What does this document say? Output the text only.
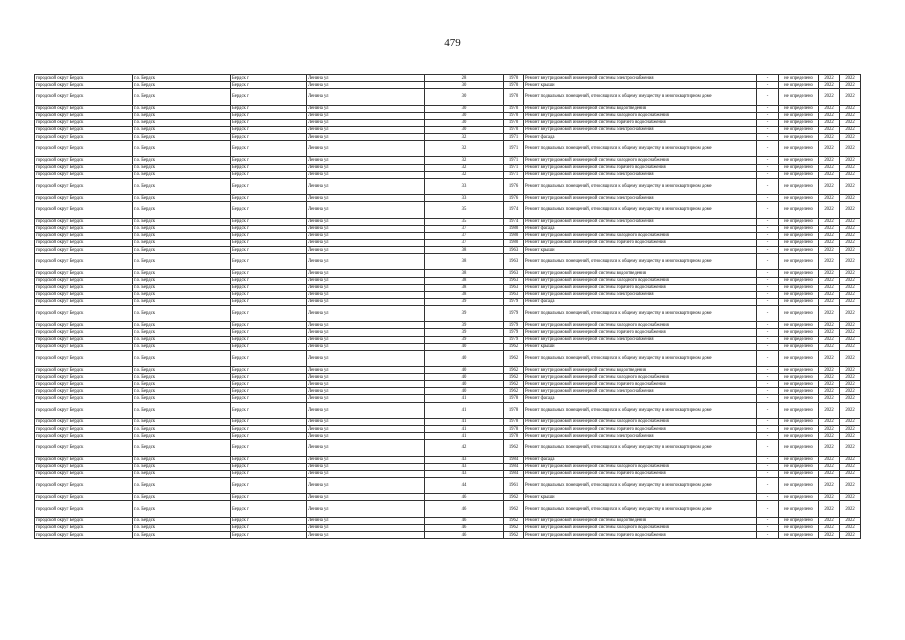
479
городской округ Бердск	г.о. Бердск	Бердск г	Ленина ул	28	1970	Ремонт внутридомовой инженерной системы электроснабжения	-	не определено	2022	2022
городской округ Бердск	г.о. Бердск	Бердск г	Ленина ул	30	1970	Ремонт крыши	-	не определено	2022	2022
городской округ Бердск	г.о. Бердск	Бердск г	Ленина ул	30	1970	Ремонт подвальных помещений, относящихся к общему имуществу в многоквартирном доме	-	не определено	2022	2022
городской округ Бердск	г.о. Бердск	Бердск г	Ленина ул	30	1970	Ремонт внутридомовой инженерной системы водоотведения	-	не определено	2022	2022
городской округ Бердск	г.о. Бердск	Бердск г	Ленина ул	30	1970	Ремонт внутридомовой инженерной системы холодного водоснабжения	-	не определено	2022	2022
городской округ Бердск	г.о. Бердск	Бердск г	Ленина ул	30	1970	Ремонт внутридомовой инженерной системы горячего водоснабжения	-	не определено	2022	2022
городской округ Бердск	г.о. Бердск	Бердск г	Ленина ул	30	1970	Ремонт внутридомовой инженерной системы электроснабжения	-	не определено	2022	2022
городской округ Бердск	г.о. Бердск	Бердск г	Ленина ул	32	1971	Ремонт фасада	-	не определено	2022	2022
городской округ Бердск	г.о. Бердск	Бердск г	Ленина ул	32	1971	Ремонт подвальных помещений, относящихся к общему имуществу в многоквартирном доме	-	не определено	2022	2022
городской округ Бердск	г.о. Бердск	Бердск г	Ленина ул	32	1971	Ремонт внутридомовой инженерной системы холодного водоснабжения	-	не определено	2022	2022
городской округ Бердск	г.о. Бердск	Бердск г	Ленина ул	32	1971	Ремонт внутридомовой инженерной системы горячего водоснабжения	-	не определено	2022	2022
городской округ Бердск	г.о. Бердск	Бердск г	Ленина ул	32	1971	Ремонт внутридомовой инженерной системы электроснабжения	-	не определено	2022	2022
городской округ Бердск	г.о. Бердск	Бердск г	Ленина ул	33	1976	Ремонт подвальных помещений, относящихся к общему имуществу в многоквартирном доме	-	не определено	2022	2022
городской округ Бердск	г.о. Бердск	Бердск г	Ленина ул	33	1976	Ремонт внутридомовой инженерной системы электроснабжения	-	не определено	2022	2022
городской округ Бердск	г.о. Бердск	Бердск г	Ленина ул	35	1974	Ремонт подвальных помещений, относящихся к общему имуществу в многоквартирном доме	-	не определено	2022	2022
городской округ Бердск	г.о. Бердск	Бердск г	Ленина ул	35	1974	Ремонт внутридомовой инженерной системы электроснабжения	-	не определено	2022	2022
городской округ Бердск	г.о. Бердск	Бердск г	Ленина ул	37	1980	Ремонт фасада	-	не определено	2022	2022
городской округ Бердск	г.о. Бердск	Бердск г	Ленина ул	37	1980	Ремонт внутридомовой инженерной системы холодного водоснабжения	-	не определено	2022	2022
городской округ Бердск	г.о. Бердск	Бердск г	Ленина ул	37	1980	Ремонт внутридомовой инженерной системы горячего водоснабжения	-	не определено	2022	2022
городской округ Бердск	г.о. Бердск	Бердск г	Ленина ул	38	1963	Ремонт крыши	-	не определено	2022	2022
городской округ Бердск	г.о. Бердск	Бердск г	Ленина ул	38	1963	Ремонт подвальных помещений, относящихся к общему имуществу в многоквартирном доме	-	не определено	2022	2022
городской округ Бердск	г.о. Бердск	Бердск г	Ленина ул	38	1963	Ремонт внутридомовой инженерной системы водоотведения	-	не определено	2022	2022
городской округ Бердск	г.о. Бердск	Бердск г	Ленина ул	38	1963	Ремонт внутридомовой инженерной системы холодного водоснабжения	-	не определено	2022	2022
городской округ Бердск	г.о. Бердск	Бердск г	Ленина ул	38	1963	Ремонт внутридомовой инженерной системы горячего водоснабжения	-	не определено	2022	2022
городской округ Бердск	г.о. Бердск	Бердск г	Ленина ул	38	1963	Ремонт внутридомовой инженерной системы электроснабжения	-	не определено	2022	2022
городской округ Бердск	г.о. Бердск	Бердск г	Ленина ул	39	1979	Ремонт фасада	-	не определено	2022	2022
городской округ Бердск	г.о. Бердск	Бердск г	Ленина ул	39	1979	Ремонт подвальных помещений, относящихся к общему имуществу в многоквартирном доме	-	не определено	2022	2022
городской округ Бердск	г.о. Бердск	Бердск г	Ленина ул	39	1979	Ремонт внутридомовой инженерной системы холодного водоснабжения	-	не определено	2022	2022
городской округ Бердск	г.о. Бердск	Бердск г	Ленина ул	39	1979	Ремонт внутридомовой инженерной системы горячего водоснабжения	-	не определено	2022	2022
городской округ Бердск	г.о. Бердск	Бердск г	Ленина ул	39	1979	Ремонт внутридомовой инженерной системы электроснабжения	-	не определено	2022	2022
городской округ Бердск	г.о. Бердск	Бердск г	Ленина ул	40	1962	Ремонт крыши	-	не определено	2022	2022
городской округ Бердск	г.о. Бердск	Бердск г	Ленина ул	40	1962	Ремонт подвальных помещений, относящихся к общему имуществу в многоквартирном доме	-	не определено	2022	2022
городской округ Бердск	г.о. Бердск	Бердск г	Ленина ул	40	1962	Ремонт внутридомовой инженерной системы водоотведения	-	не определено	2022	2022
городской округ Бердск	г.о. Бердск	Бердск г	Ленина ул	40	1962	Ремонт внутридомовой инженерной системы холодного водоснабжения	-	не определено	2022	2022
городской округ Бердск	г.о. Бердск	Бердск г	Ленина ул	40	1962	Ремонт внутридомовой инженерной системы горячего водоснабжения	-	не определено	2022	2022
городской округ Бердск	г.о. Бердск	Бердск г	Ленина ул	40	1962	Ремонт внутридомовой инженерной системы электроснабжения	-	не определено	2022	2022
городской округ Бердск	г.о. Бердск	Бердск г	Ленина ул	41	1978	Ремонт фасада	-	не определено	2022	2022
городской округ Бердск	г.о. Бердск	Бердск г	Ленина ул	41	1978	Ремонт подвальных помещений, относящихся к общему имуществу в многоквартирном доме	-	не определено	2022	2022
городской округ Бердск	г.о. Бердск	Бердск г	Ленина ул	41	1978	Ремонт внутридомовой инженерной системы холодного водоснабжения	-	не определено	2022	2022
городской округ Бердск	г.о. Бердск	Бердск г	Ленина ул	41	1978	Ремонт внутридомовой инженерной системы горячего водоснабжения	-	не определено	2022	2022
городской округ Бердск	г.о. Бердск	Бердск г	Ленина ул	41	1978	Ремонт внутридомовой инженерной системы электроснабжения	-	не определено	2022	2022
городской округ Бердск	г.о. Бердск	Бердск г	Ленина ул	42	1962	Ремонт подвальных помещений, относящихся к общему имуществу в многоквартирном доме	-	не определено	2022	2022
городской округ Бердск	г.о. Бердск	Бердск г	Ленина ул	43	1984	Ремонт фасада	-	не определено	2022	2022
городской округ Бердск	г.о. Бердск	Бердск г	Ленина ул	43	1984	Ремонт внутридомовой инженерной системы холодного водоснабжения	-	не определено	2022	2022
городской округ Бердск	г.о. Бердск	Бердск г	Ленина ул	43	1984	Ремонт внутридомовой инженерной системы горячего водоснабжения	-	не определено	2022	2022
городской округ Бердск	г.о. Бердск	Бердск г	Ленина ул	44	1961	Ремонт подвальных помещений, относящихся к общему имуществу в многоквартирном доме	-	не определено	2022	2022
городской округ Бердск	г.о. Бердск	Бердск г	Ленина ул	46	1962	Ремонт крыши	-	не определено	2022	2022
городской округ Бердск	г.о. Бердск	Бердск г	Ленина ул	46	1962	Ремонт подвальных помещений, относящихся к общему имуществу в многоквартирном доме	-	не определено	2022	2022
городской округ Бердск	г.о. Бердск	Бердск г	Ленина ул	46	1962	Ремонт внутридомовой инженерной системы водоотведения	-	не определено	2022	2022
городской округ Бердск	г.о. Бердск	Бердск г	Ленина ул	46	1962	Ремонт внутридомовой инженерной системы холодного водоснабжения	-	не определено	2022	2022
городской округ Бердск	г.о. Бердск	Бердск г	Ленина ул	46	1962	Ремонт внутридомовой инженерной системы горячего водоснабжения	-	не определено	2022	2022
